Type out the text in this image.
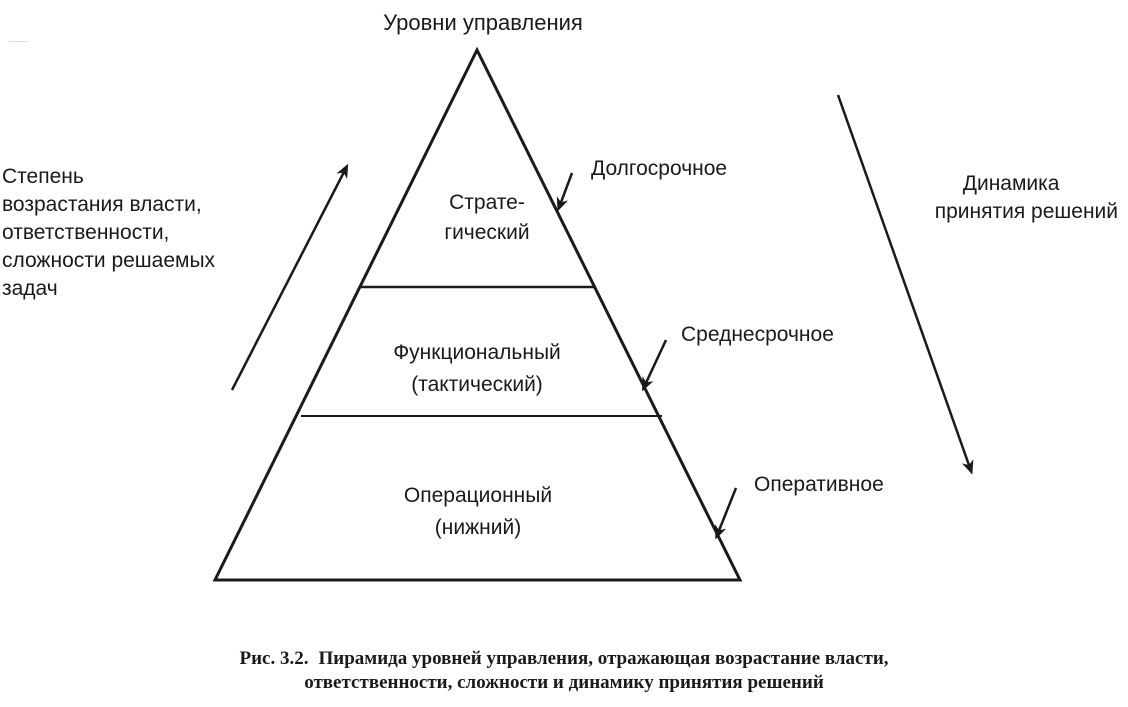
—
Уровни управления
Страте-
гический
Функциональный
(тактический)
Операционный
(нижний)
Долгосрочное
Среднесрочное
Оперативное
Степень
возрастания власти,
ответственности,
сложности решаемых
задач
Динамика
принятия решений
Рис. 3.2. Пирамида уровней управления, отражающая возрастание власти,
ответственности, сложности и динамику принятия решений
